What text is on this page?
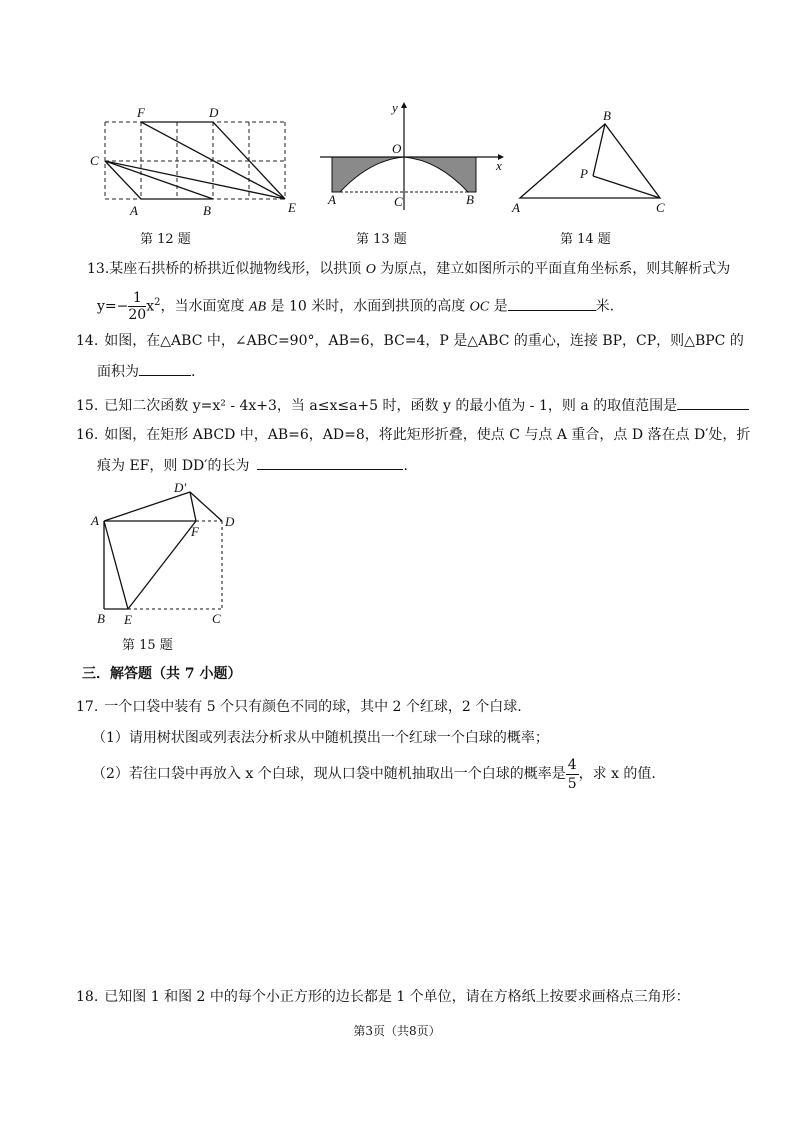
F	D
C
A	B	E
第 12 题
y
O
x
A	C	B
第 13 题
B
P
A	C
第 14 题
13.某座石拱桥的桥拱近似抛物线形，以拱顶 O 为原点，建立如图所示的平面直角坐标系，则其解析式为
$y=- \frac{1}{20} x^2$，当水面宽度 AB 是 10 米时，水面到拱顶的高度 OC 是	米.
14. 如图，在△ABC 中，∠ABC=90°，AB=6，BC=4，P 是△ABC 的重心，连接 BP，CP，则△BPC 的
面积为	.
15. 已知二次函数 y=x² - 4x+3，当 a≤x≤a+5 时，函数 y 的最小值为 - 1，则 a 的取值范围是
16. 如图，在矩形 ABCD 中，AB=6，AD=8，将此矩形折叠，使点 C 与点 A 重合，点 D 落在点 D′处，折
痕为 EF，则 DD′的长为	.
D′
A
F
D
B E	C
第 15 题
三．解答题（共 7 小题）
17. 一个口袋中装有 5 个只有颜色不同的球，其中 2 个红球，2 个白球.
（1）请用树状图或列表法分析求从中随机摸出一个红球一个白球的概率；
（2）若往口袋中再放入 x 个白球，现从口袋中随机抽取出一个白球的概率是 $\frac{4}{5}$ ，求 x 的值.
18. 已知图 1 和图 2 中的每个小正方形的边长都是 1 个单位，请在方格纸上按要求画格点三角形：
第3页（共8页）
